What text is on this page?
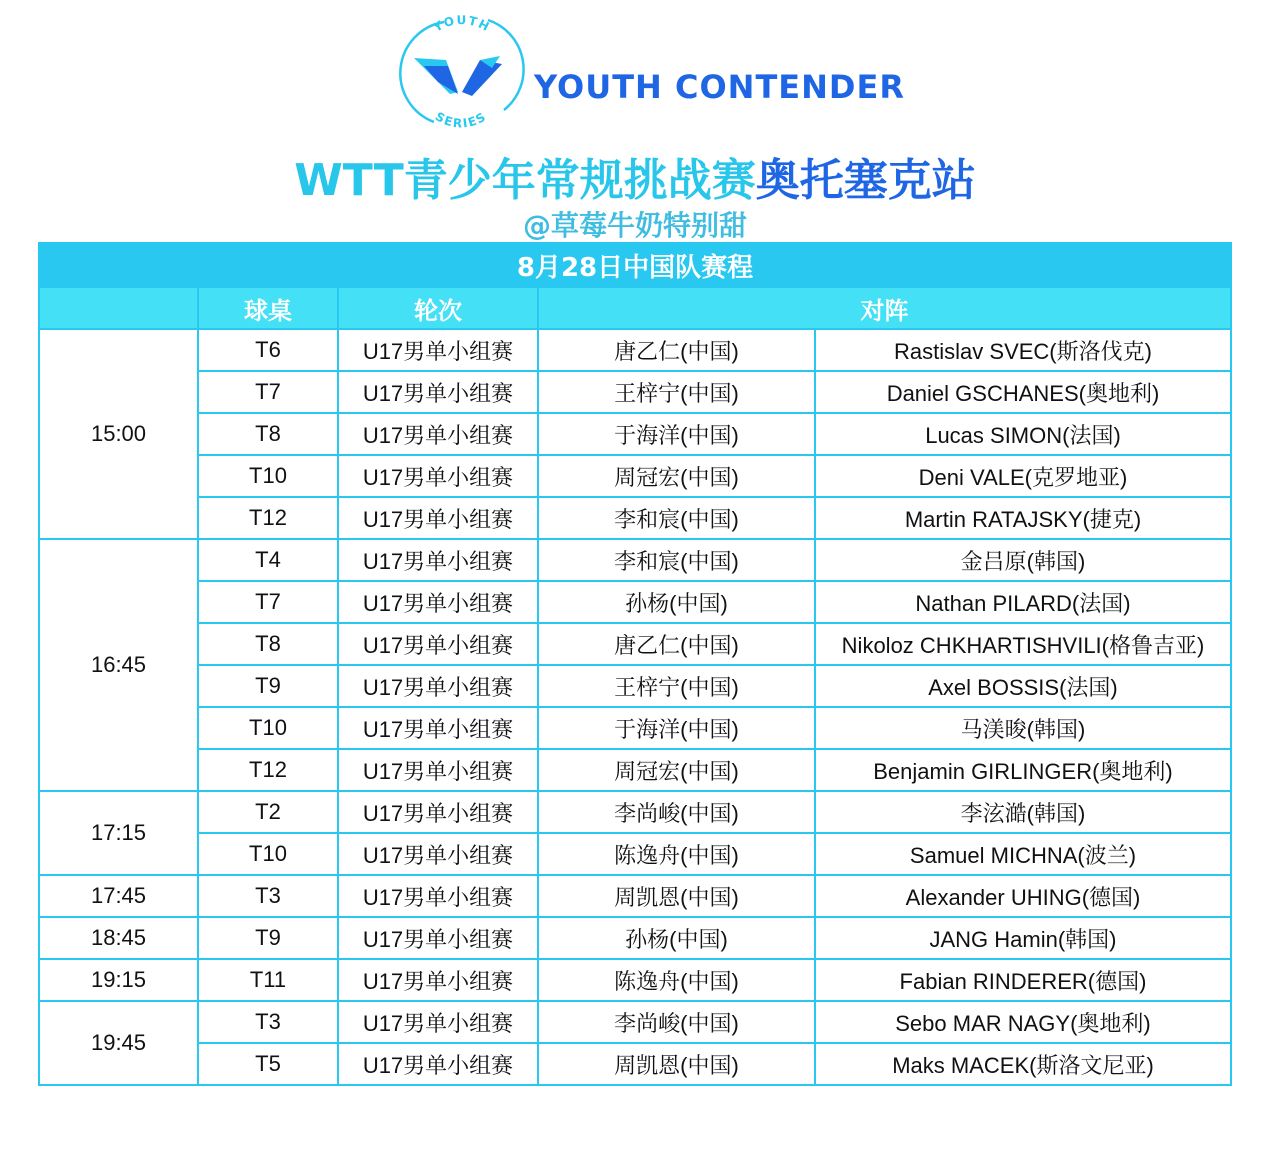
YOUTH
SERIES
YOUTH CONTENDER
WTT青少年常规挑战赛奥托塞克站
@草莓牛奶特别甜
8月28日中国队赛程				
	球桌	轮次	对阵	
15:00	T6	U17男单小组赛	唐乙仁(中国)	Rastislav SVEC(斯洛伐克)
	T7	U17男单小组赛	王梓宁(中国)	Daniel GSCHANES(奥地利)
	T8	U17男单小组赛	于海洋(中国)	Lucas SIMON(法国)
	T10	U17男单小组赛	周冠宏(中国)	Deni VALE(克罗地亚)
	T12	U17男单小组赛	李和宸(中国)	Martin RATAJSKY(捷克)
16:45	T4	U17男单小组赛	李和宸(中国)	金吕原(韩国)
	T7	U17男单小组赛	孙杨(中国)	Nathan PILARD(法国)
	T8	U17男单小组赛	唐乙仁(中国)	Nikoloz CHKHARTISHVILI(格鲁吉亚)
	T9	U17男单小组赛	王梓宁(中国)	Axel BOSSIS(法国)
	T10	U17男单小组赛	于海洋(中国)	马渼晙(韩国)
	T12	U17男单小组赛	周冠宏(中国)	Benjamin GIRLINGER(奥地利)
17:15	T2	U17男单小组赛	李尚峻(中国)	李泫澔(韩国)
	T10	U17男单小组赛	陈逸舟(中国)	Samuel MICHNA(波兰)
17:45	T3	U17男单小组赛	周凯恩(中国)	Alexander UHING(德国)
18:45	T9	U17男单小组赛	孙杨(中国)	JANG Hamin(韩国)
19:15	T11	U17男单小组赛	陈逸舟(中国)	Fabian RINDERER(德国)
19:45	T3	U17男单小组赛	李尚峻(中国)	Sebo MAR NAGY(奥地利)
	T5	U17男单小组赛	周凯恩(中国)	Maks MACEK(斯洛文尼亚)
